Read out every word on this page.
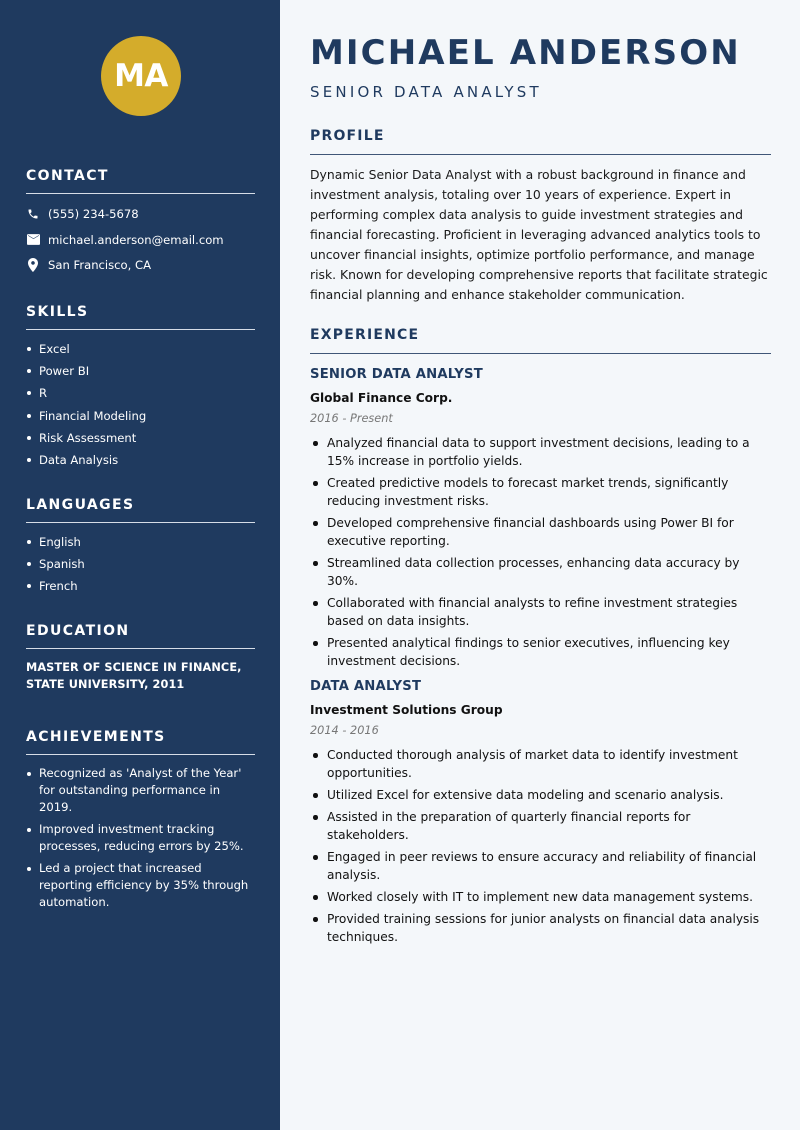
MA
CONTACT
(555) 234-5678
michael.anderson@email.com
San Francisco, CA
SKILLS
Excel
Power BI
R
Financial Modeling
Risk Assessment
Data Analysis
LANGUAGES
English
Spanish
French
EDUCATION
MASTER OF SCIENCE IN FINANCE, STATE UNIVERSITY, 2011
ACHIEVEMENTS
Recognized as 'Analyst of the Year' for outstanding performance in 2019.
Improved investment tracking processes, reducing errors by 25%.
Led a project that increased reporting efficiency by 35% through automation.
MICHAEL ANDERSON
SENIOR DATA ANALYST
PROFILE

Dynamic Senior Data Analyst with a robust background in finance and investment analysis, totaling over 10 years of experience. Expert in performing complex data analysis to guide investment strategies and financial forecasting. Proficient in leveraging advanced analytics tools to uncover financial insights, optimize portfolio performance, and manage risk. Known for developing comprehensive reports that facilitate strategic financial planning and enhance stakeholder communication.

EXPERIENCE
SENIOR DATA ANALYST
Global Finance Corp.
2016 - Present
Analyzed financial data to support investment decisions, leading to a 15% increase in portfolio yields.
Created predictive models to forecast market trends, significantly reducing investment risks.
Developed comprehensive financial dashboards using Power BI for executive reporting.
Streamlined data collection processes, enhancing data accuracy by 30%.
Collaborated with financial analysts to refine investment strategies based on data insights.
Presented analytical findings to senior executives, influencing key investment decisions.
DATA ANALYST
Investment Solutions Group
2014 - 2016
Conducted thorough analysis of market data to identify investment opportunities.
Utilized Excel for extensive data modeling and scenario analysis.
Assisted in the preparation of quarterly financial reports for stakeholders.
Engaged in peer reviews to ensure accuracy and reliability of financial analysis.
Worked closely with IT to implement new data management systems.
Provided training sessions for junior analysts on financial data analysis techniques.
